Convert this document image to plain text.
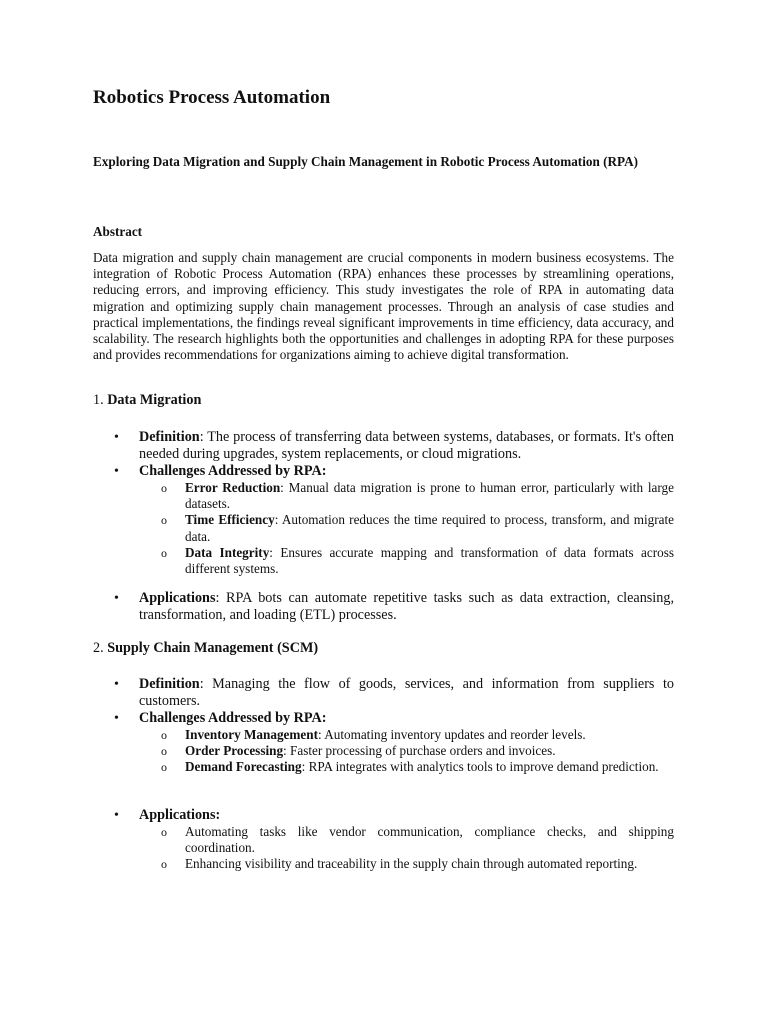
Robotics Process Automation

Exploring Data Migration and Supply Chain Management in Robotic Process Automation (RPA)

Abstract

Data migration and supply chain management are crucial components in modern business ecosystems. The integration of Robotic Process Automation (RPA) enhances these processes by streamlining operations, reducing errors, and improving efficiency. This study investigates the role of RPA in automating data migration and optimizing supply chain management processes. Through an analysis of case studies and practical implementations, the findings reveal significant improvements in time efficiency, data accuracy, and scalability. The research highlights both the opportunities and challenges in adopting RPA for these purposes and provides recommendations for organizations aiming to achieve digital transformation.

1. Data Migration

• Definition: The process of transferring data between systems, databases, or formats. It's often needed during upgrades, system replacements, or cloud migrations.
• Challenges Addressed by RPA:
o Error Reduction: Manual data migration is prone to human error, particularly with large datasets.
o Time Efficiency: Automation reduces the time required to process, transform, and migrate data.
o Data Integrity: Ensures accurate mapping and transformation of data formats across different systems.
• Applications: RPA bots can automate repetitive tasks such as data extraction, cleansing, transformation, and loading (ETL) processes.

2. Supply Chain Management (SCM)

• Definition: Managing the flow of goods, services, and information from suppliers to customers.
• Challenges Addressed by RPA:
o Inventory Management: Automating inventory updates and reorder levels.
o Order Processing: Faster processing of purchase orders and invoices.
o Demand Forecasting: RPA integrates with analytics tools to improve demand prediction.
• Applications:
o Automating tasks like vendor communication, compliance checks, and shipping coordination.
o Enhancing visibility and traceability in the supply chain through automated reporting.
